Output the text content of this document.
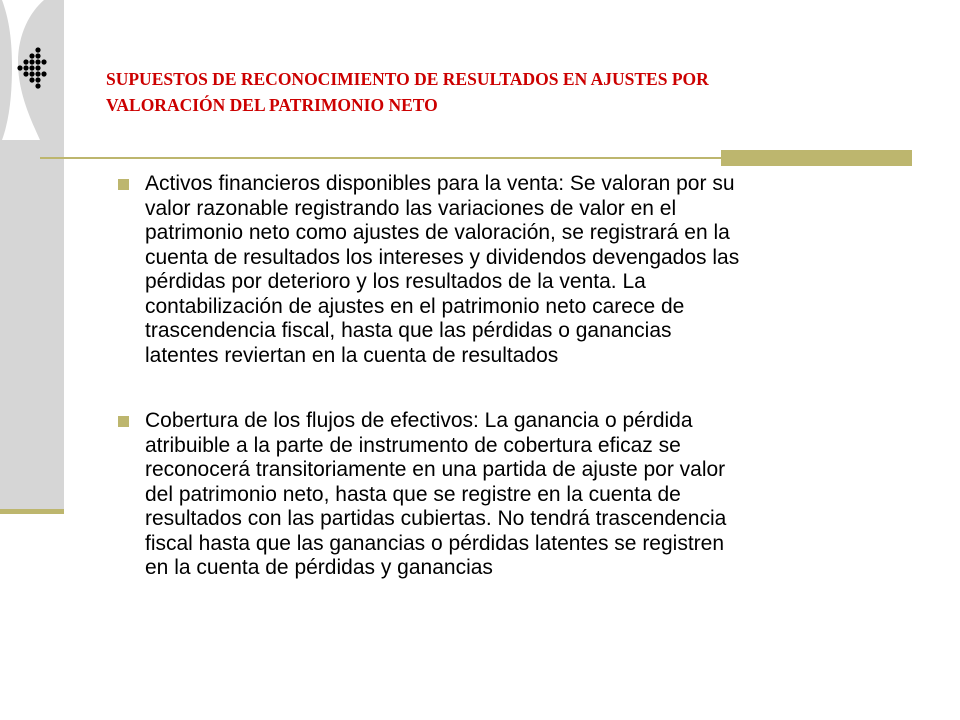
SUPUESTOS DE RECONOCIMIENTO DE RESULTADOS EN AJUSTES POR
VALORACIÓN DEL PATRIMONIO NETO
Activos financieros disponibles para la venta: Se valoran por su
valor razonable registrando las variaciones de valor en el
patrimonio neto como ajustes de valoración, se registrará en la
cuenta de resultados los intereses y dividendos devengados las
pérdidas por deterioro y los resultados de la venta. La
contabilización de ajustes en el patrimonio neto carece de
trascendencia fiscal, hasta que las pérdidas o ganancias
latentes reviertan en la cuenta de resultados
Cobertura de los flujos de efectivos: La ganancia o pérdida
atribuible a la parte de instrumento de cobertura eficaz se
reconocerá transitoriamente en una partida de ajuste por valor
del patrimonio neto, hasta que se registre en la cuenta de
resultados con las partidas cubiertas. No tendrá trascendencia
fiscal hasta que las ganancias o pérdidas latentes se registren
en la cuenta de pérdidas y ganancias
